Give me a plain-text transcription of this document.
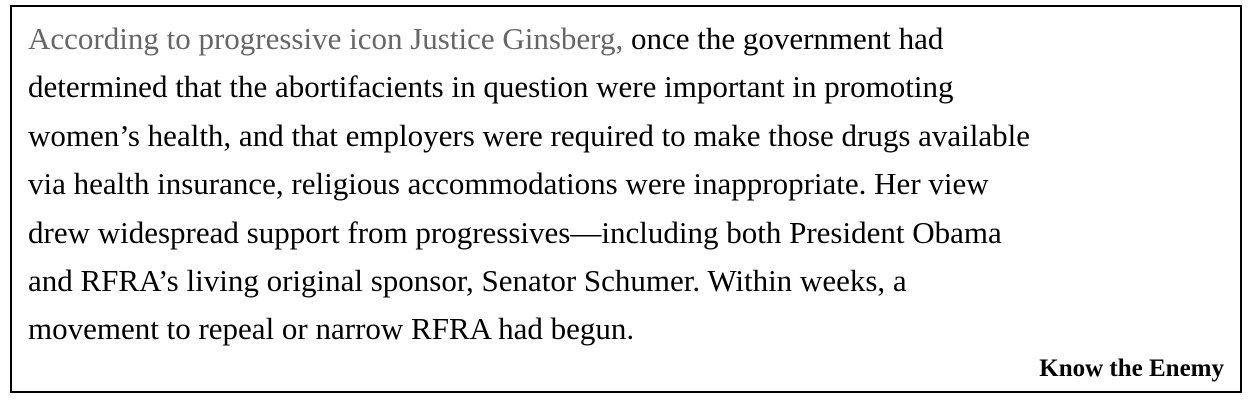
According to progressive icon Justice Ginsberg, once the government had
determined that the abortifacients in question were important in promoting
women’s health, and that employers were required to make those drugs available
via health insurance, religious accommodations were inappropriate. Her view
drew widespread support from progressives—including both President Obama
and RFRA’s living original sponsor, Senator Schumer. Within weeks, a
movement to repeal or narrow RFRA had begun.

Know the Enemy
